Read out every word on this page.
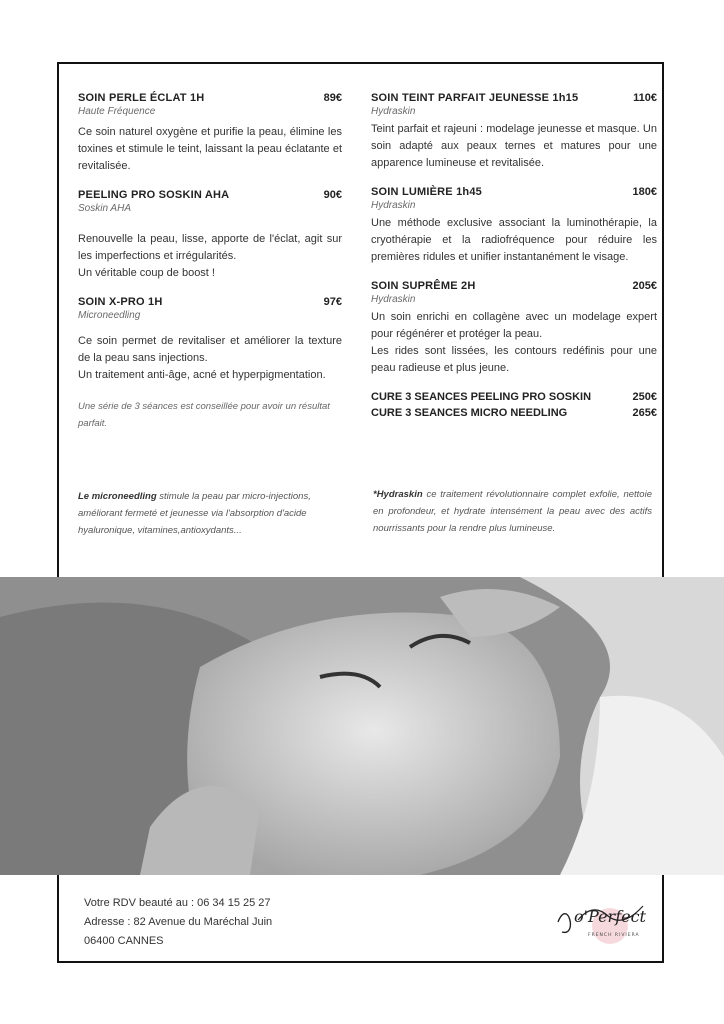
SOIN PERLE ÉCLAT 1H	89€
Haute Fréquence

Ce soin naturel oxygène et purifie la peau, élimine les toxines et stimule le teint, laissant la peau éclatante et revitalisée.

PEELING PRO SOSKIN AHA	90€
Soskin AHA

Renouvelle la peau, lisse, apporte de l'éclat, agit sur les imperfections et irrégularités.

Un véritable coup de boost !

SOIN X-PRO 1H	97€
Microneedling

Ce soin permet de revitaliser et améliorer la texture de la peau sans injections.

Un traitement anti-âge, acné et hyperpigmentation.

Une série de 3 séances est conseillée pour avoir un résultat parfait.
SOIN TEINT PARFAIT JEUNESSE 1h15	110€
Hydraskin

Teint parfait et rajeuni : modelage jeunesse et masque. Un soin adapté aux peaux ternes et matures pour une apparence lumineuse et revitalisée.

SOIN LUMIÈRE 1h45	180€
Hydraskin

Une méthode exclusive associant la luminothérapie, la cryothérapie et la radiofréquence pour réduire les premières ridules et unifier instantanément le visage.

SOIN SUPRÊME 2H	205€
Hydraskin

Un soin enrichi en collagène avec un modelage expert pour régénérer et protéger la peau.

Les rides sont lissées, les contours redéfinis pour une peau radieuse et plus jeune.

CURE 3 SEANCES PEELING PRO SOSKIN	250€
CURE 3 SEANCES MICRO NEEDLING	265€
Le microneedling stimule la peau par micro-injections, améliorant fermeté et jeunesse via l'absorption d'acide hyaluronique, vitamines,antioxydants...
*Hydraskin ce traitement révolutionnaire complet exfolie, nettoie en profondeur, et hydrate intensément la peau avec des actifs nourrissants pour la rendre plus lumineuse.
Votre RDV beauté au : 06 34 15 25 27
Adresse : 82 Avenue du Maréchal Juin
06400 CANNES
o'Perfect
FRENCH RIVIERA
